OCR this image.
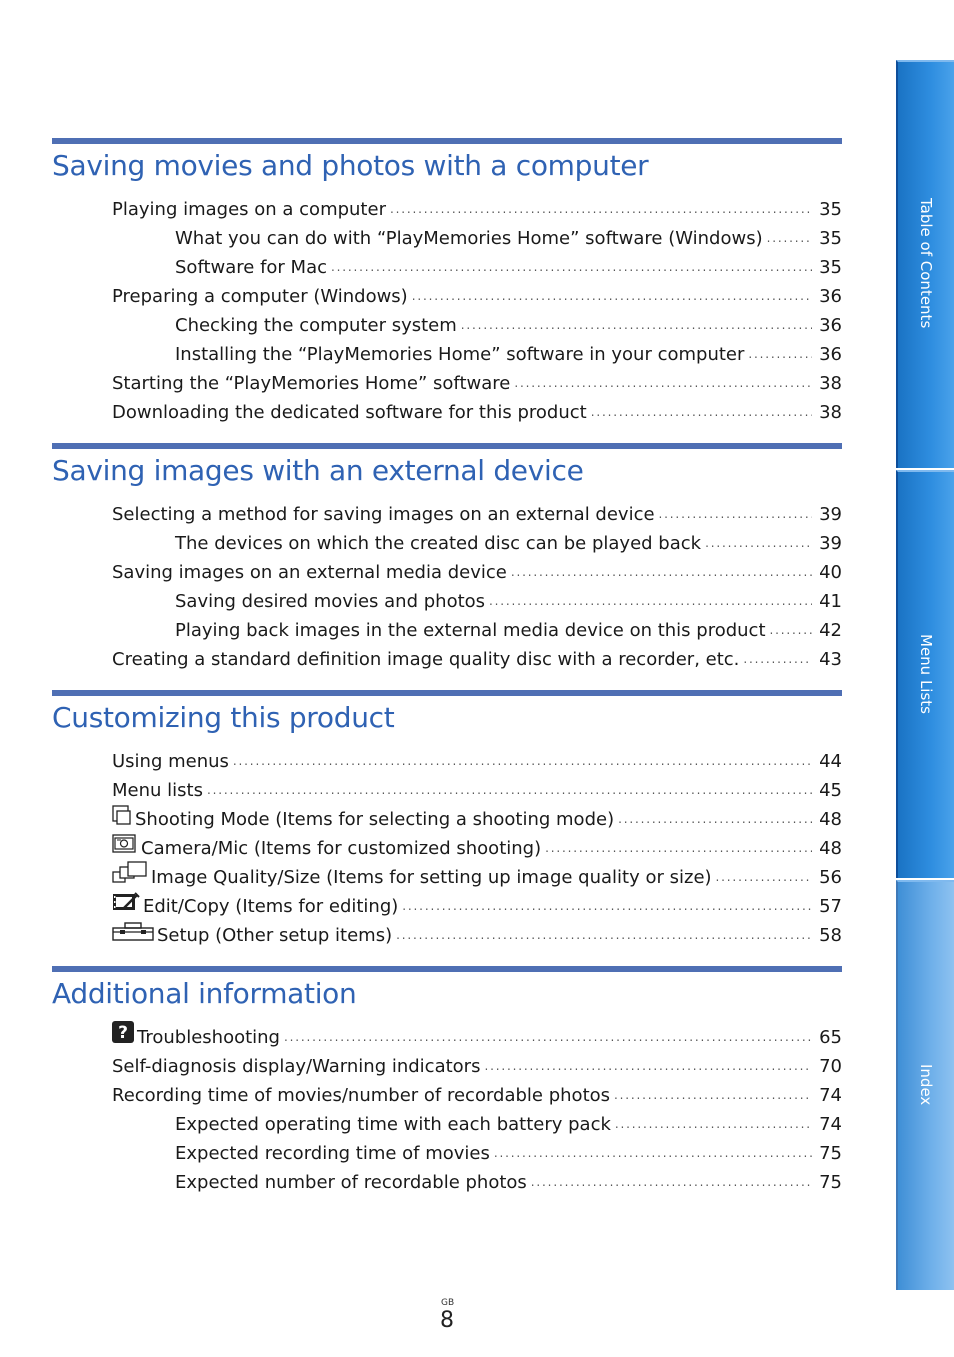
Saving movies and photos with a computer
Playing images on a computer . . .	35
What you can do with “PlayMemories Home” software (Windows) . . .	35
Software for Mac . . .	35
Preparing a computer (Windows) . . .	36
Checking the computer system . . .	36
Installing the “PlayMemories Home” software in your computer . . .	36
Starting the “PlayMemories Home” software . . .	38
Downloading the dedicated software for this product . . .	38
Saving images with an external device
Selecting a method for saving images on an external device . . .	39
The devices on which the created disc can be played back . . .	39
Saving images on an external media device . . .	40
Saving desired movies and photos . . .	41
Playing back images in the external media device on this product . . .	42
Creating a standard definition image quality disc with a recorder, etc. . . .	43
Customizing this product
Using menus . . .	44
Menu lists . . .	45
Shooting Mode (Items for selecting a shooting mode) . . .	48
Camera/Mic (Items for customized shooting) . . .	48
Image Quality/Size (Items for setting up image quality or size) . . .	56
Edit/Copy (Items for editing) . . .	57
Setup (Other setup items) . . .	58
Additional information
? Troubleshooting . . .	65
Self-diagnosis display/Warning indicators . . .	70
Recording time of movies/number of recordable photos . . .	74
Expected operating time with each battery pack . . .	74
Expected recording time of movies . . .	75
Expected number of recordable photos . . .	75
Table of Contents
Menu Lists
Index
GB
8
